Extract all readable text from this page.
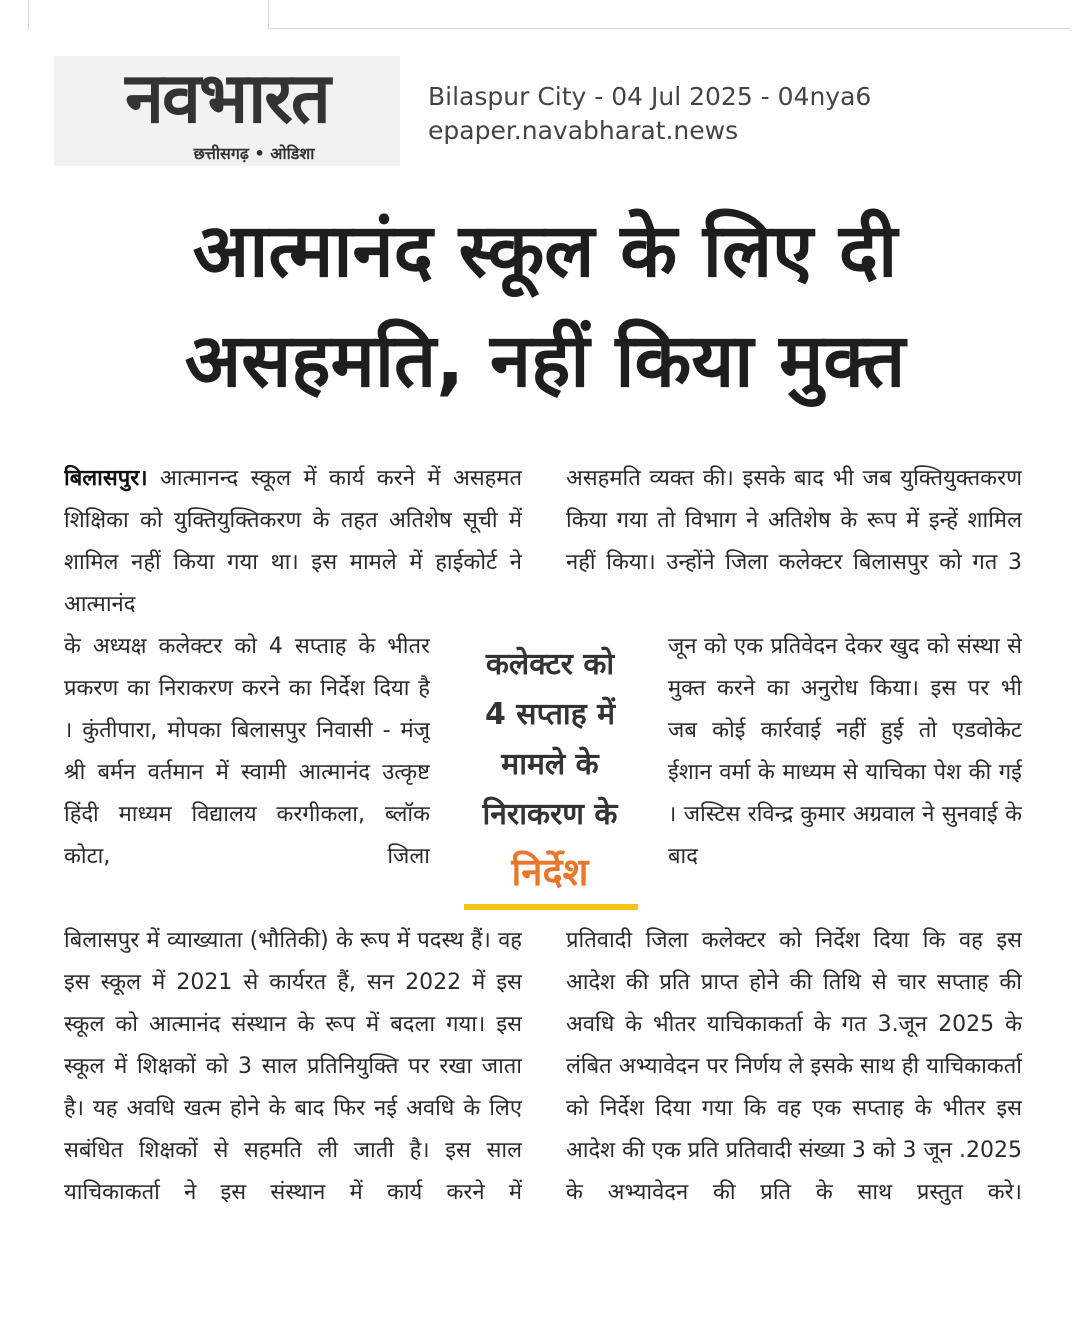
नवभारत
छत्तीसगढ़ • ओडिशा
Bilaspur City - 04 Jul 2025 - 04nya6
epaper.navabharat.news
आत्मानंद स्कूल के लिए दी
असहमति, नहीं किया मुक्त
बिलासपुर। आत्मानन्द स्कूल में कार्य करने में असहमत शिक्षिका को युक्तियुक्तिकरण के तहत अतिशेष सूची में शामिल नहीं किया गया था। इस मामले में हाईकोर्ट ने आत्मानंद
के अध्यक्ष कलेक्टर को 4 सप्ताह के भीतर प्रकरण का निराकरण करने का निर्देश दिया है । कुंतीपारा, मोपका बिलासपुर निवासी - मंजू श्री बर्मन वर्तमान में स्वामी आत्मानंद उत्कृष्ट हिंदी माध्यम विद्यालय करगीकला, ब्लॉक कोटा, जिला
बिलासपुर में व्याख्याता (भौतिकी) के रूप में पदस्थ हैं। वह इस स्कूल में 2021 से कार्यरत हैं, सन 2022 में इस स्कूल को आत्मानंद संस्थान के रूप में बदला गया। इस स्कूल में शिक्षकों को 3 साल प्रतिनियुक्ति पर रखा जाता है। यह अवधि खत्म होने के बाद फिर नई अवधि के लिए सबंधित शिक्षकों से सहमति ली जाती है। इस साल याचिकाकर्ता ने इस संस्थान में कार्य करने में
असहमति व्यक्त की। इसके बाद भी जब युक्तियुक्तकरण किया गया तो विभाग ने अतिशेष के रूप में इन्हें शामिल नहीं किया। उन्होंने जिला कलेक्टर बिलासपुर को गत 3
जून को एक प्रतिवेदन देकर खुद को संस्था से मुक्त करने का अनुरोध किया। इस पर भी जब कोई कार्रवाई नहीं हुई तो एडवोकेट ईशान वर्मा के माध्यम से याचिका पेश की गई । जस्टिस रविन्द्र कुमार अग्रवाल ने सुनवाई के बाद
प्रतिवादी जिला कलेक्टर को निर्देश दिया कि वह इस आदेश की प्रति प्राप्त होने की तिथि से चार सप्ताह की अवधि के भीतर याचिकाकर्ता के गत 3.जून 2025 के लंबित अभ्यावेदन पर निर्णय ले इसके साथ ही याचिकाकर्ता को निर्देश दिया गया कि वह एक सप्ताह के भीतर इस आदेश की एक प्रति प्रतिवादी संख्या 3 को 3 जून .2025 के अभ्यावेदन की प्रति के साथ प्रस्तुत करे।
कलेक्टर को
4 सप्ताह में
मामले के
निराकरण के
निर्देश
